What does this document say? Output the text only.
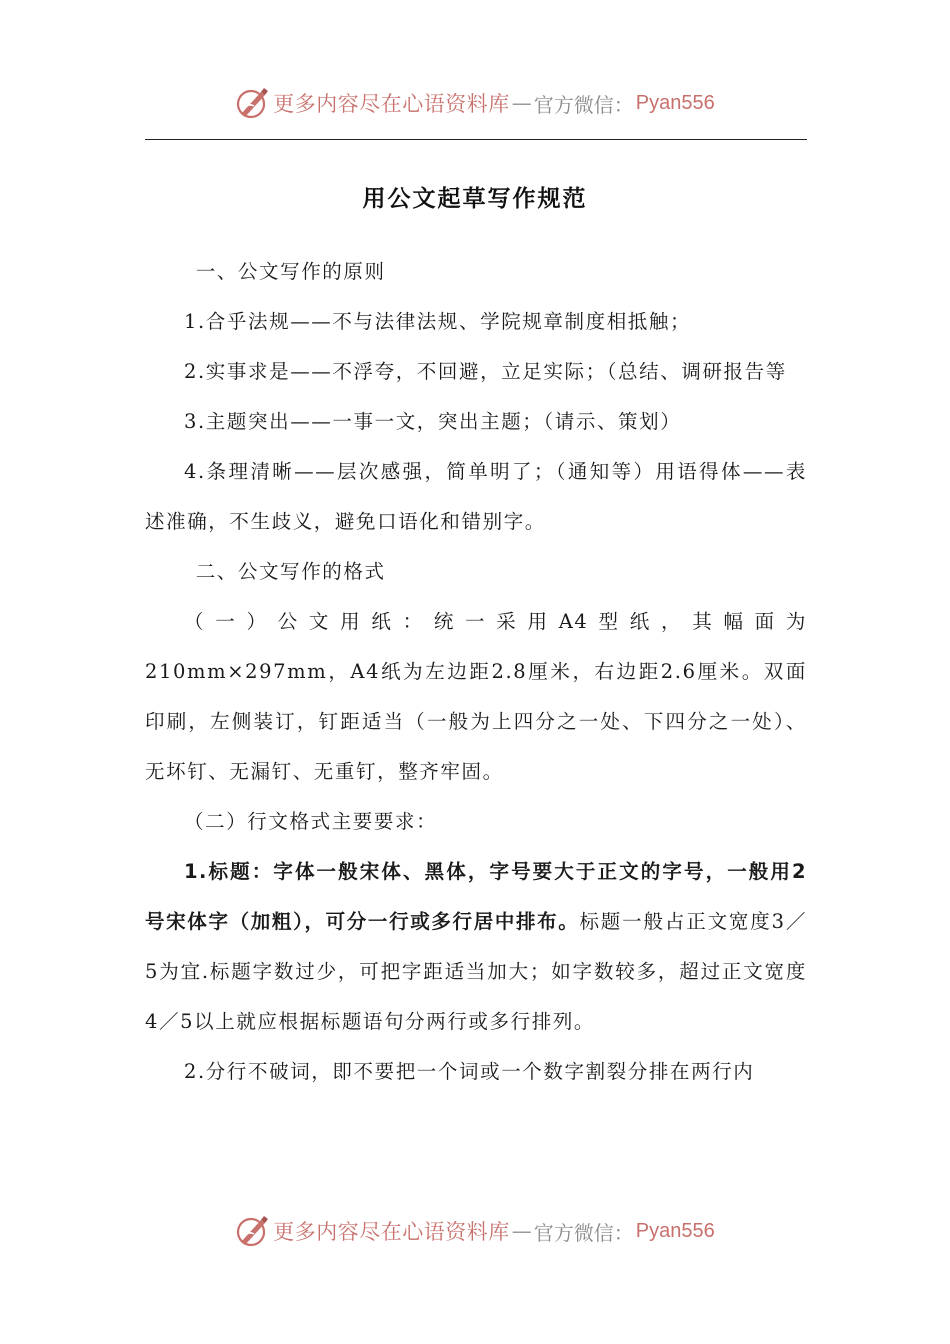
更多内容尽在心语资料库 — 官方微信： Pyan556
用公文起草写作规范

一、公文写作的原则

1.合乎法规——不与法律法规、学院规章制度相抵触；

2.实事求是——不浮夸，不回避，立足实际；（总结、调研报告等

3.主题突出——一事一文，突出主题；（请示、策划）

4.条理清晰——层次感强，简单明了；（通知等）用语得体——表述准确，不生歧义，避免口语化和错别字。

二、公文写作的格式

（一）公文用纸：统一采用A4型纸，其幅面为210mm×297mm，A4纸为左边距2.8厘米，右边距2.6厘米。双面印刷，左侧装订，钉距适当（一般为上四分之一处、下四分之一处）、无坏钉、无漏钉、无重钉，整齐牢固。

（二）行文格式主要要求：

1.标题：字体一般宋体、黑体，字号要大于正文的字号，一般用2号宋体字（加粗），可分一行或多行居中排布。标题一般占正文宽度3／5为宜.标题字数过少，可把字距适当加大；如字数较多，超过正文宽度4／5以上就应根据标题语句分两行或多行排列。

2.分行不破词，即不要把一个词或一个数字割裂分排在两行内

更多内容尽在心语资料库 — 官方微信： Pyan556
